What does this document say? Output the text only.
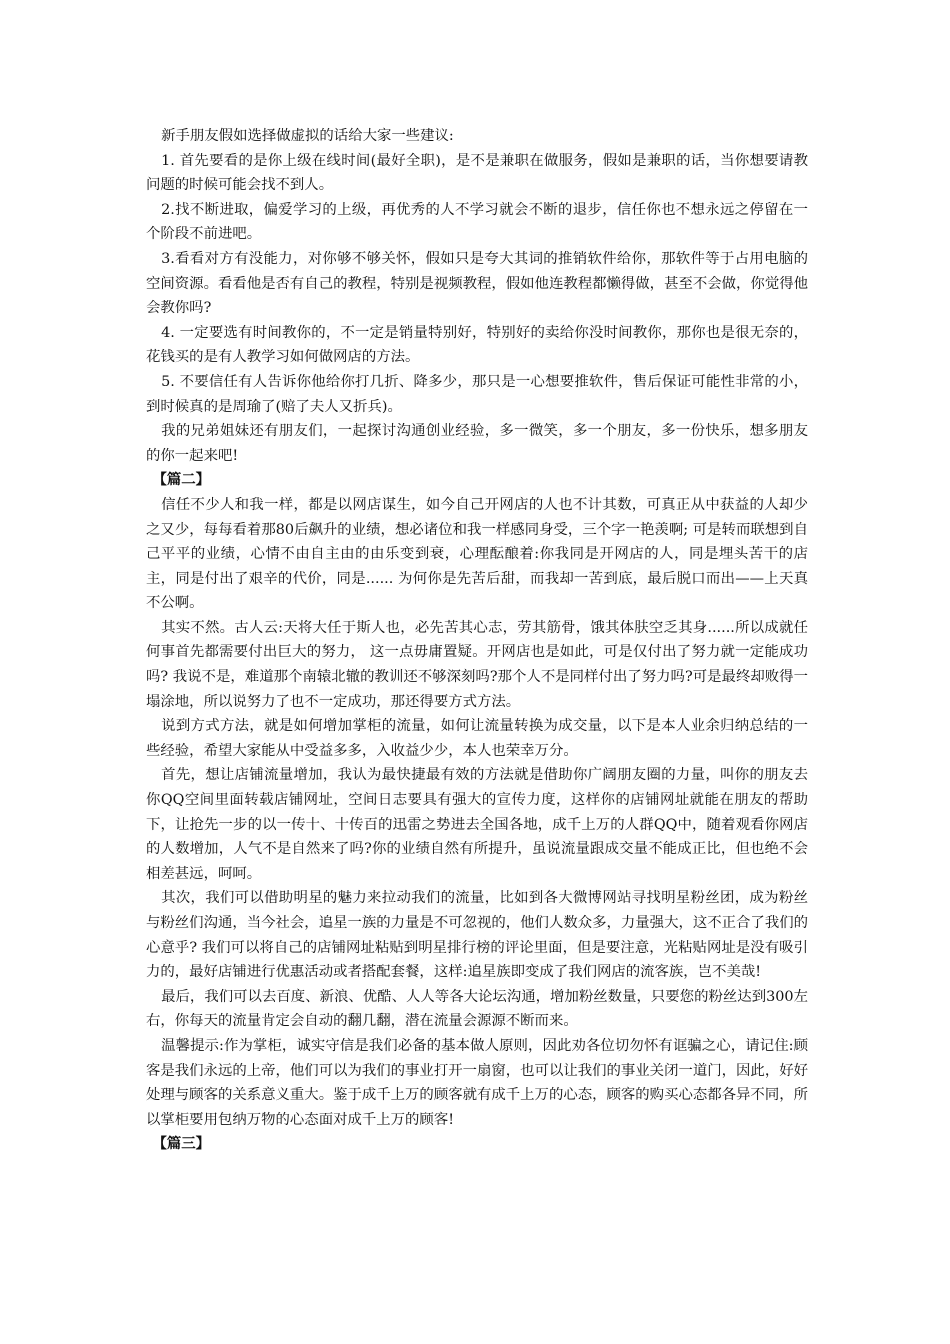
新手朋友假如选择做虚拟的话给大家一些建议:

1. 首先要看的是你上级在线时间(最好全职)，是不是兼职在做服务，假如是兼职的话，当你想要请教问题的时候可能会找不到人。

2.找不断进取，偏爱学习的上级，再优秀的人不学习就会不断的退步，信任你也不想永远之停留在一个阶段不前进吧。

3.看看对方有没能力，对你够不够关怀，假如只是夸大其词的推销软件给你，那软件等于占用电脑的空间资源。看看他是否有自己的教程，特别是视频教程，假如他连教程都懒得做，甚至不会做，你觉得他会教你吗?

4. 一定要选有时间教你的，不一定是销量特别好，特别好的卖给你没时间教你，那你也是很无奈的，花钱买的是有人教学习如何做网店的方法。

5. 不要信任有人告诉你他给你打几折、降多少，那只是一心想要推软件，售后保证可能性非常的小，到时候真的是周瑜了(赔了夫人又折兵)。

我的兄弟姐妹还有朋友们，一起探讨沟通创业经验，多一微笑，多一个朋友，多一份快乐，想多朋友的你一起来吧!

【篇二】

信任不少人和我一样，都是以网店谋生，如今自己开网店的人也不计其数，可真正从中获益的人却少之又少，每每看着那80后飙升的业绩，想必诸位和我一样感同身受，三个字一艳羡啊; 可是转而联想到自己平平的业绩，心情不由自主由的由乐变到衰，心理酝酿着:你我同是开网店的人，同是埋头苦干的店主，同是付出了艰辛的代价，同是...... 为何你是先苦后甜，而我却一苦到底，最后脱口而出——上天真不公啊。

其实不然。古人云:天将大任于斯人也，必先苦其心志，劳其筋骨，饿其体肤空乏其身......所以成就任何事首先都需要付出巨大的努力， 这一点毋庸置疑。开网店也是如此，可是仅付出了努力就一定能成功吗? 我说不是，难道那个南辕北辙的教训还不够深刻吗?那个人不是同样付出了努力吗?可是最终却败得一塌涂地，所以说努力了也不一定成功，那还得要方式方法。

说到方式方法，就是如何增加掌柜的流量，如何让流量转换为成交量，以下是本人业余归纳总结的一些经验，希望大家能从中受益多多，入收益少少，本人也荣幸万分。

首先，想让店铺流量增加，我认为最快捷最有效的方法就是借助你广阔朋友圈的力量，叫你的朋友去你QQ空间里面转载店铺网址，空间日志要具有强大的宣传力度，这样你的店铺网址就能在朋友的帮助下，让抢先一步的以一传十、十传百的迅雷之势进去全国各地，成千上万的人群QQ中，随着观看你网店的人数增加，人气不是自然来了吗?你的业绩自然有所提升，虽说流量跟成交量不能成正比，但也绝不会相差甚远，呵呵。

其次，我们可以借助明星的魅力来拉动我们的流量，比如到各大微博网站寻找明星粉丝团，成为粉丝与粉丝们沟通，当今社会，追星一族的力量是不可忽视的，他们人数众多，力量强大，这不正合了我们的心意乎? 我们可以将自己的店铺网址粘贴到明星排行榜的评论里面，但是要注意，光粘贴网址是没有吸引力的，最好店铺进行优惠活动或者搭配套餐，这样:追星族即变成了我们网店的流客族，岂不美哉!

最后，我们可以去百度、新浪、优酷、人人等各大论坛沟通，增加粉丝数量，只要您的粉丝达到300左右，你每天的流量肯定会自动的翻几翻，潜在流量会源源不断而来。

温馨提示:作为掌柜，诚实守信是我们必备的基本做人原则，因此劝各位切勿怀有诓骗之心，请记住:顾客是我们永远的上帝，他们可以为我们的事业打开一扇窗，也可以让我们的事业关闭一道门，因此，好好处理与顾客的关系意义重大。鉴于成千上万的顾客就有成千上万的心态，顾客的购买心态都各异不同，所以掌柜要用包纳万物的心态面对成千上万的顾客!

【篇三】
